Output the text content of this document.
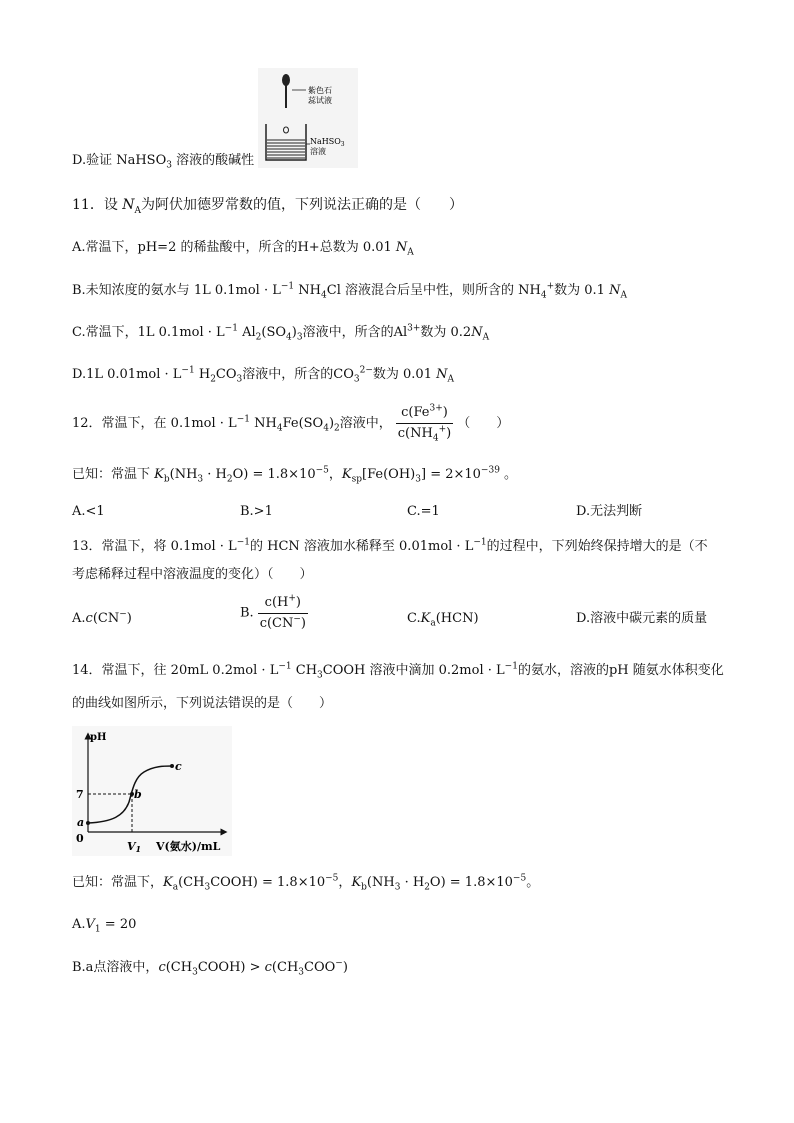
紫色石
蕊试液
NaHSO$_3$
溶液
D.验证 NaHSO$_3$ 溶液的酸碱性
11．设 $N_A$为阿伏加德罗常数的值，下列说法正确的是（　　）
A.常温下，pH=2 的稀盐酸中，所含的H+总数为 0.01 $N_A$
B.未知浓度的氨水与 1L $0.1mol \cdot L^{-1}$ $NH_4Cl$ 溶液混合后呈中性，则所含的 $NH_4^+$数为 0.1 $N_A$
C.常温下，1L $0.1mol \cdot L^{-1}$ $Al_2(SO_4)_3$溶液中，所含的$Al^{3+}$数为 $0.2N_A$
D.1L $0.01mol \cdot L^{-1}$ $H_2CO_3$溶液中，所含的$CO_3^{2-}$数为 0.01 $N_A$
12．常温下，在 $0.1mol \cdot L^{-1}$ $NH_4Fe(SO_4)_2$溶液中， $\frac{c(Fe^{3+})}{c(NH_4^+)}$ （　　）
已知：常温下 $K_b(NH_3 \cdot H_2O) = 1.8\times 10^{-5}$，$K_{sp}[Fe(OH)_3] = 2\times 10^{-39}$ 。
A.<1	B.>1	C.=1	D.无法判断
13．常温下，将 $0.1mol \cdot L^{-1}$的 HCN 溶液加水稀释至 $0.01mol \cdot L^{-1}$的过程中，下列始终保持增大的是（不
考虑稀释过程中溶液温度的变化）（　　）
A.c(CN−)	B. $\frac{c(H^+)}{c(CN^-)}$	$C.K_a(HCN)$	D.溶液中碳元素的质量
14．常温下，往 20mL $0.2mol \cdot L^{-1}$ $CH_3COOH$ 溶液中滴加 $0.2mol \cdot L^{-1}$的氨水，溶液的pH 随氨水体积变化
的曲线如图所示，下列说法错误的是（　　）
pH
7
0
a
b
c
V1 V(氨水)/mL
已知：常温下，$K_a(CH_3COOH) = 1.8\times 10^{-5}$，$K_b(NH_3 \cdot H_2O) = 1.8\times 10^{-5}$。
$A.V_1 = 20$
B.a点溶液中，$c(CH_3COOH) > c(CH_3COO^-)$
